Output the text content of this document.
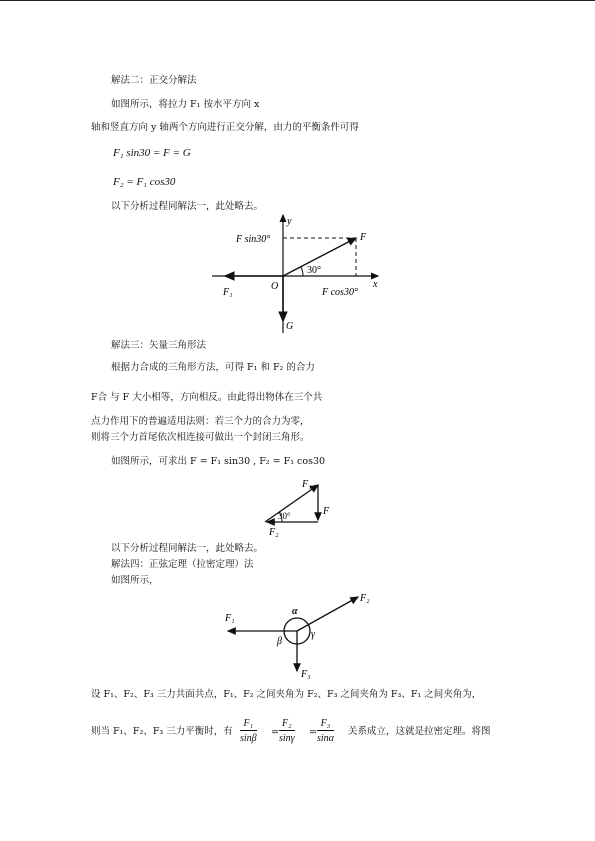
解法二：正交分解法
如图所示，将拉力 F₁ 按水平方向 x
轴和竖直方向 y 轴两个方向进行正交分解，由力的平衡条件可得
F₁ sin30 = F = G
F₂ = F₁ cos30
以下分析过程同解法一，此处略去。
y
x
O
F
F₁
G
F sin30°
F cos30°
30°
解法三：矢量三角形法
根据力合成的三角形方法，可得 F₁ 和 F₂ 的合力
F合 与 F 大小相等，方向相反。由此得出物体在三个共
点力作用下的普遍适用法则：若三个力的合力为零，
则将三个力首尾依次相连接可做出一个封闭三角形。
如图所示，可求出 F = F₁ sin30 , F₂ = F₁ cos30
F₁
F
F₂
30°
以下分析过程同解法一，此处略去。
解法四：正弦定理（拉密定理）法
如图所示，
F₂
F₁
F₃
α
β
γ
设 F₁、F₂、F₃ 三力共面共点，F₁、F₂ 之间夹角为 F₂、F₃ 之间夹角为 F₃、F₁ 之间夹角为，
则当 F₁、F₂、F₃ 三力平衡时，有 $\frac{\text{F₁}}{\sin\beta} = \frac{\text{F₂}}{\sin\gamma} = \frac{\text{F₃}}{\sin\alpha}$ 关系成立，这就是拉密定理。将图
